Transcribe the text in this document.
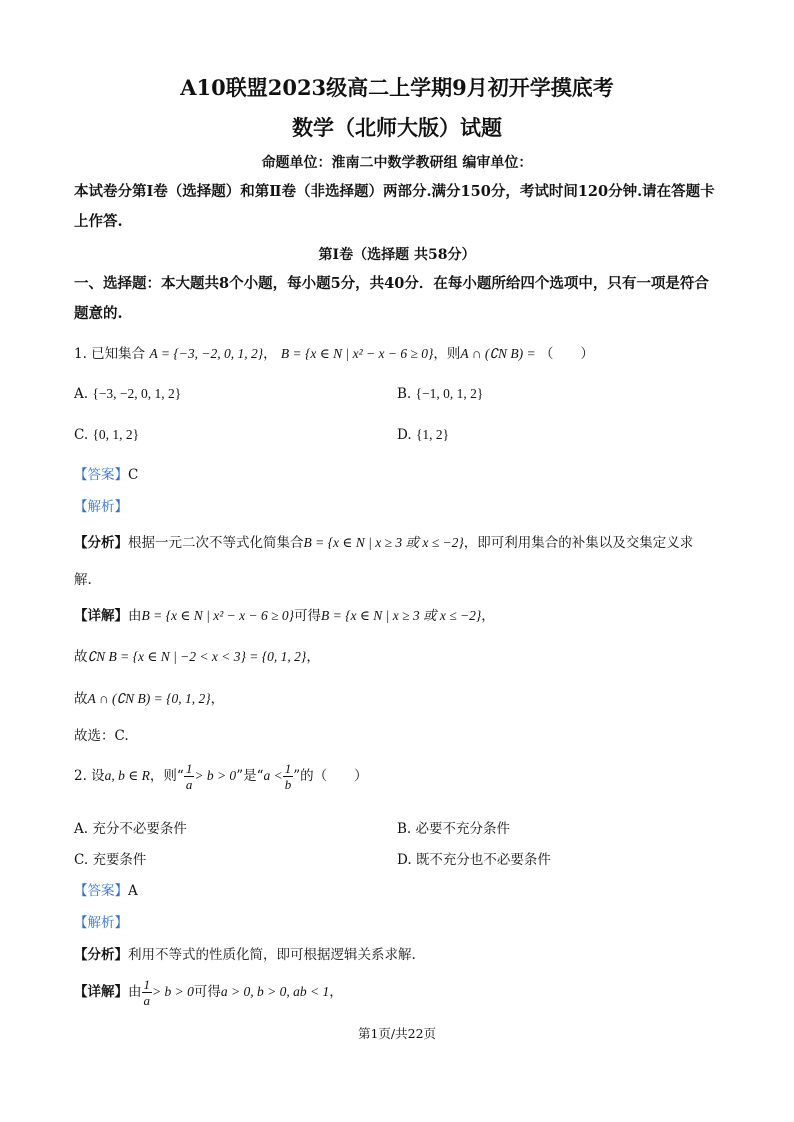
A10联盟2023级高二上学期9月初开学摸底考
数学（北师大版）试题
命题单位：淮南二中数学教研组 编审单位：
本试卷分第Ⅰ卷（选择题）和第Ⅱ卷（非选择题）两部分.满分150分，考试时间120分钟.请在答题卡上作答.
第Ⅰ卷（选择题 共58分）
一、选择题：本大题共8个小题，每小题5分，共40分．在每小题所给四个选项中，只有一项是符合题意的.
1. 已知集合 A = {−3, −2, 0, 1, 2}， B = {x ∈ N | x² − x − 6 ≥ 0}，则A ∩ (∁N B) = （　　）
A. {−3, −2, 0, 1, 2}	B. {−1, 0, 1, 2}
C. {0, 1, 2}	D. {1, 2}
【答案】C
【解析】
【分析】根据一元二次不等式化简集合B = {x ∈ N | x ≥ 3 或 x ≤ −2}，即可利用集合的补集以及交集定义求
解.
【详解】由B = {x ∈ N | x² − x − 6 ≥ 0}可得B = {x ∈ N | x ≥ 3 或 x ≤ −2}，
故∁N B = {x ∈ N | −2 < x < 3} = {0, 1, 2}，
故A ∩ (∁N B) = {0, 1, 2}，
故选：C.
2. 设a, b ∈ R，则“ $\frac{1}{a} > b > 0$”是“$a < \frac{1}{b}$ ”的（　　）
A. 充分不必要条件	B. 必要不充分条件
C. 充要条件	D. 既不充分也不必要条件
【答案】A
【解析】
【分析】利用不等式的性质化简，即可根据逻辑关系求解.
【详解】由 $\frac{1}{a} > b > 0$可得a > 0, b > 0, ab < 1，
第1页/共22页
